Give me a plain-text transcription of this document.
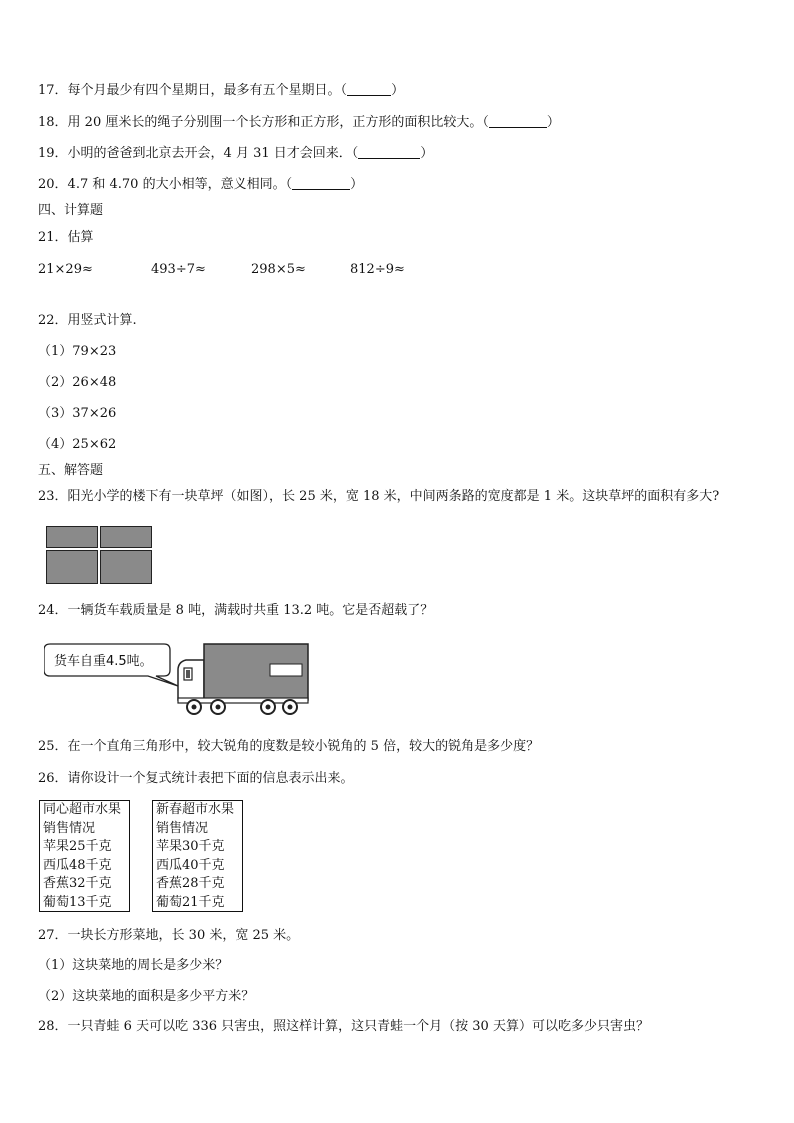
17．每个月最少有四个星期日，最多有五个星期日。（	）
18．用 20 厘米长的绳子分别围一个长方形和正方形，正方形的面积比较大。（	）
19．小明的爸爸到北京去开会，4 月 31 日才会回来．（	）
20．4.7 和 4.70 的大小相等，意义相同。（	）
四、计算题
21．估算
21×29≈	493÷7≈	298×5≈	812÷9≈
22．用竖式计算.
（1）79×23
（2）26×48
（3）37×26
（4）25×62
五、解答题
23．阳光小学的楼下有一块草坪（如图），长 25 米，宽 18 米，中间两条路的宽度都是 1 米。这块草坪的面积有多大?
24．一辆货车载质量是 8 吨，满载时共重 13.2 吨。它是否超载了？
货车自重4.5吨。
25．在一个直角三角形中，较大锐角的度数是较小锐角的 5 倍，较大的锐角是多少度？
26．请你设计一个复式统计表把下面的信息表示出来。
同心超市水果
销售情况
苹果25千克
西瓜48千克
香蕉32千克
葡萄13千克
新春超市水果
销售情况
苹果30千克
西瓜40千克
香蕉28千克
葡萄21千克
27．一块长方形菜地，长 30 米，宽 25 米。
（1）这块菜地的周长是多少米？
（2）这块菜地的面积是多少平方米？
28．一只青蛙 6 天可以吃 336 只害虫，照这样计算，这只青蛙一个月（按 30 天算）可以吃多少只害虫？
